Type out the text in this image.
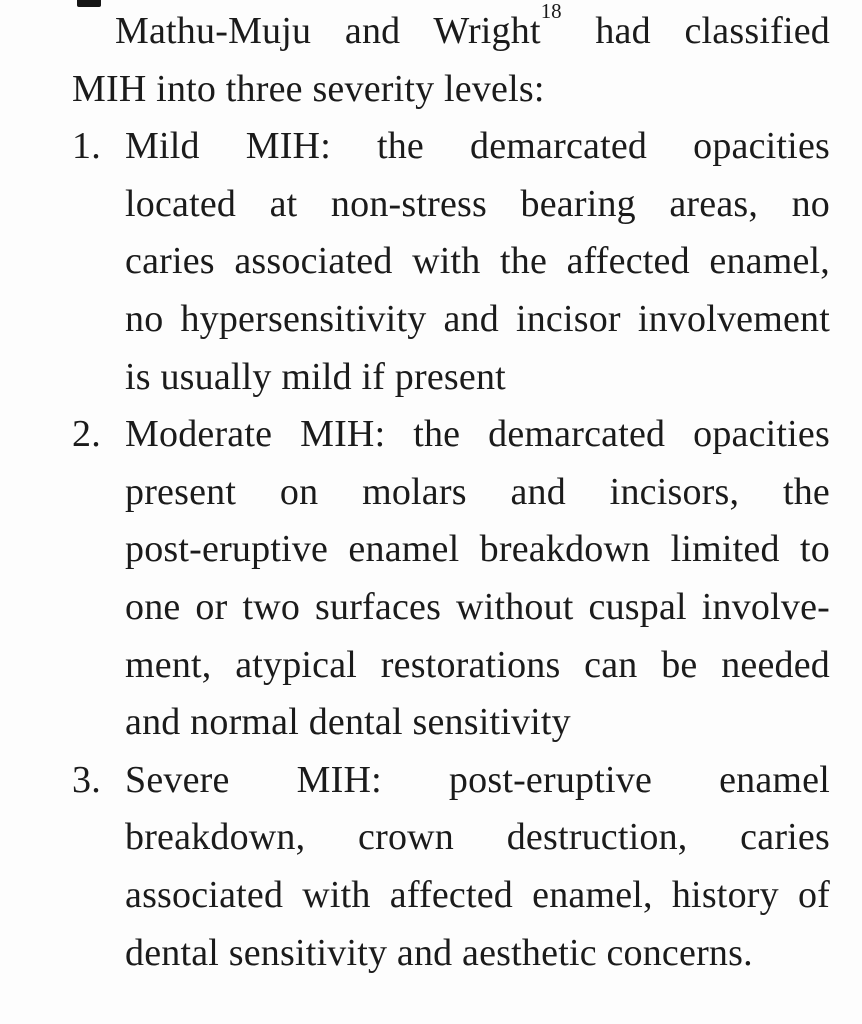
Mathu-Muju and Wright$^{18}$ had classified
MIH into three severity levels:
1. Mild MIH: the demarcated opacities
located at non-stress bearing areas, no
caries associated with the affected enamel,
no hypersensitivity and incisor involvement
is usually mild if present
2. Moderate MIH: the demarcated opacities
present on molars and incisors, the
post-eruptive enamel breakdown limited to
one or two surfaces without cuspal involve-
ment, atypical restorations can be needed
and normal dental sensitivity
3. Severe MIH: post-eruptive enamel
breakdown, crown destruction, caries
associated with affected enamel, history of
dental sensitivity and aesthetic concerns.
